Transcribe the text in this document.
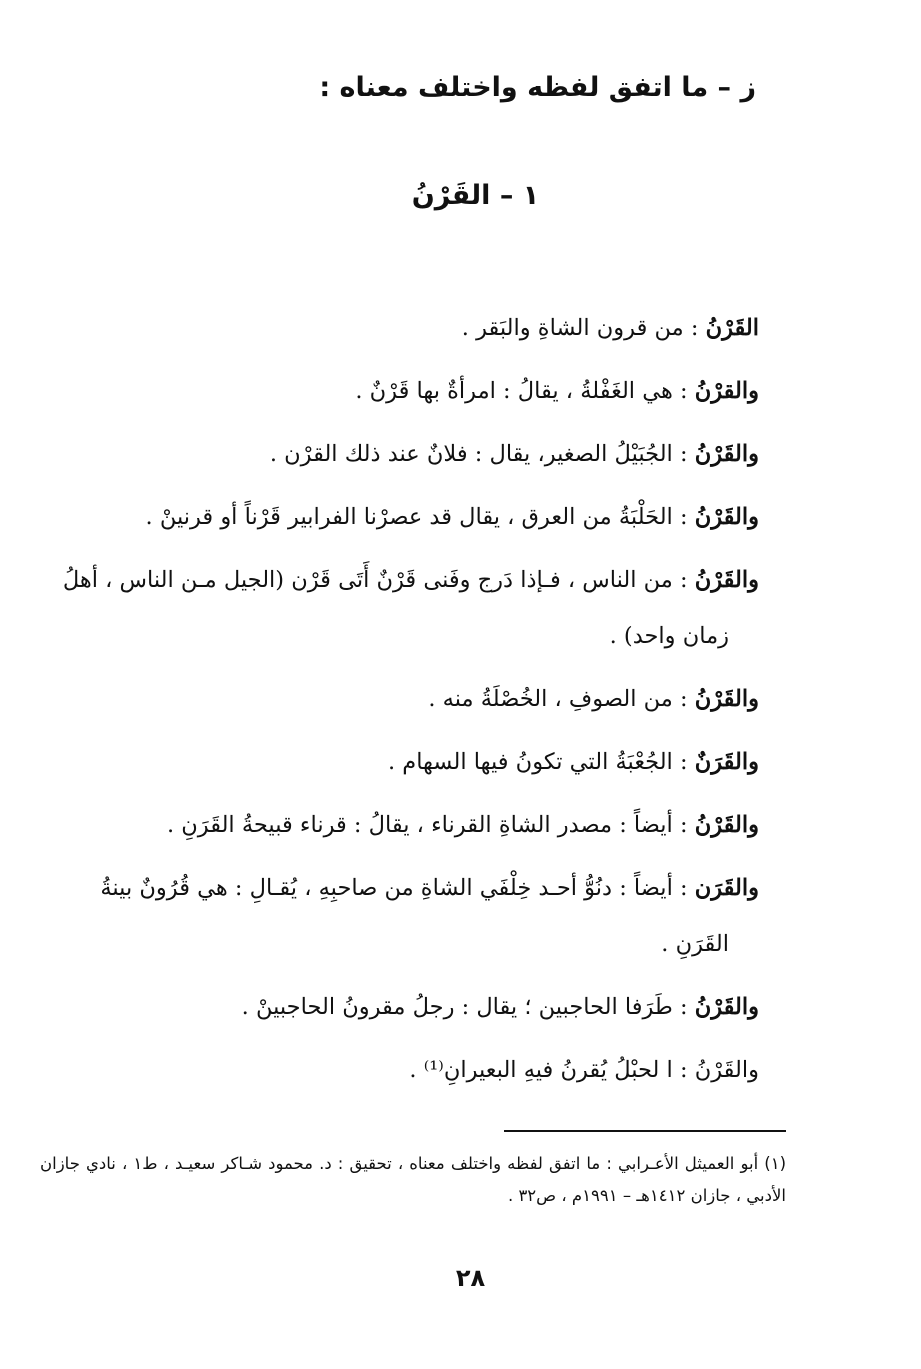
ز – ما اتفق لفظه واختلف معناه :
١ – القَرْنُ

القَرْنُ : من قرون الشاةِ والبَقر .

والقرْنُ : هي الغَفْلةُ ، يقالُ : امرأةٌ بها قَرْنٌ .

والقَرْنُ : الجُبَيْلُ الصغير، يقال : فلانٌ عند ذلك القرْن .

والقَرْنُ : الحَلْبَةُ من العرق ، يقال قد عصرْنا الفرابير قَرْناً أو قرنينْ .

والقَرْنُ : من الناس ، فـإذا دَرج وفَنى قَرْنٌ أَتَى قَرْن (الجيل مـن الناس ، أهلُ
زمان واحد) .

والقَرْنُ : من الصوفِ ، الخُصْلَةُ منه .

والقَرَنٌ : الجُعْبَةُ التي تكونُ فيها السهام .

والقَرْنُ : أيضاً : مصدر الشاةِ القرناء ، يقالُ : قرناء قبيحةُ القَرَنِ .

والقَرَن : أيضاً : دنُوُّ أحـد خِلْفَي الشاةِ من صاحبِهِ ، يُقـالِ : هي قُرُونٌ بينةُ
القَرَنِ .

والقَرْنُ : طَرَفا الحاجبين ؛ يقال : رجلُ مقرونُ الحاجبينْ .

والقَرْنُ : ا لحبْلُ يُقرنُ فيهِ البعيرانِ⁽¹⁾ .

(١) أبو العميثل الأعـرابي : ما اتفق لفظه واختلف معناه ، تحقيق : د. محمود شـاكر سعيـد ، ط١ ، نادي جازان الأدبي ، جازان ١٤١٢هـ – ١٩٩١م ، ص٣٢ .
٢٨
